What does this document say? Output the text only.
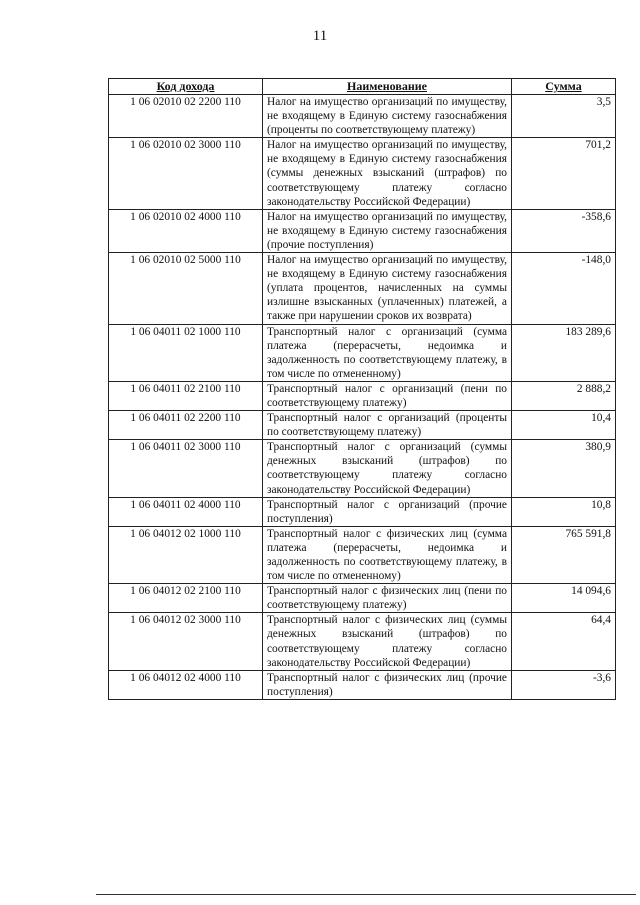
11
Код дохода	Наименование	Сумма
1 06 02010 02 2200 110	Налог на имущество организаций по имуществу, не входящему в Единую систему газоснабжения (проценты по соответствующему платежу)	3,5
1 06 02010 02 3000 110	Налог на имущество организаций по имуществу, не входящему в Единую систему газоснабжения (суммы денежных взысканий (штрафов) по соответствующему платежу согласно законодательству Российской Федерации)	701,2
1 06 02010 02 4000 110	Налог на имущество организаций по имуществу, не входящему в Единую систему газоснабжения (прочие поступления)	-358,6
1 06 02010 02 5000 110	Налог на имущество организаций по имуществу, не входящему в Единую систему газоснабжения (уплата процентов, начисленных на суммы излишне взысканных (уплаченных) платежей, а также при нарушении сроков их возврата)	-148,0
1 06 04011 02 1000 110	Транспортный налог с организаций (сумма платежа (перерасчеты, недоимка и задолженность по соответствующему платежу, в том числе по отмененному)	183 289,6
1 06 04011 02 2100 110	Транспортный налог с организаций (пени по соответствующему платежу)	2 888,2
1 06 04011 02 2200 110	Транспортный налог с организаций (проценты по соответствующему платежу)	10,4
1 06 04011 02 3000 110	Транспортный налог с организаций (суммы денежных взысканий (штрафов) по соответствующему платежу согласно законодательству Российской Федерации)	380,9
1 06 04011 02 4000 110	Транспортный налог с организаций (прочие поступления)	10,8
1 06 04012 02 1000 110	Транспортный налог с физических лиц (сумма платежа (перерасчеты, недоимка и задолженность по соответствующему платежу, в том числе по отмененному)	765 591,8
1 06 04012 02 2100 110	Транспортный налог с физических лиц (пени по соответствующему платежу)	14 094,6
1 06 04012 02 3000 110	Транспортный налог с физических лиц (суммы денежных взысканий (штрафов) по соответствующему платежу согласно законодательству Российской Федерации)	64,4
1 06 04012 02 4000 110	Транспортный налог с физических лиц (прочие поступления)	-3,6
